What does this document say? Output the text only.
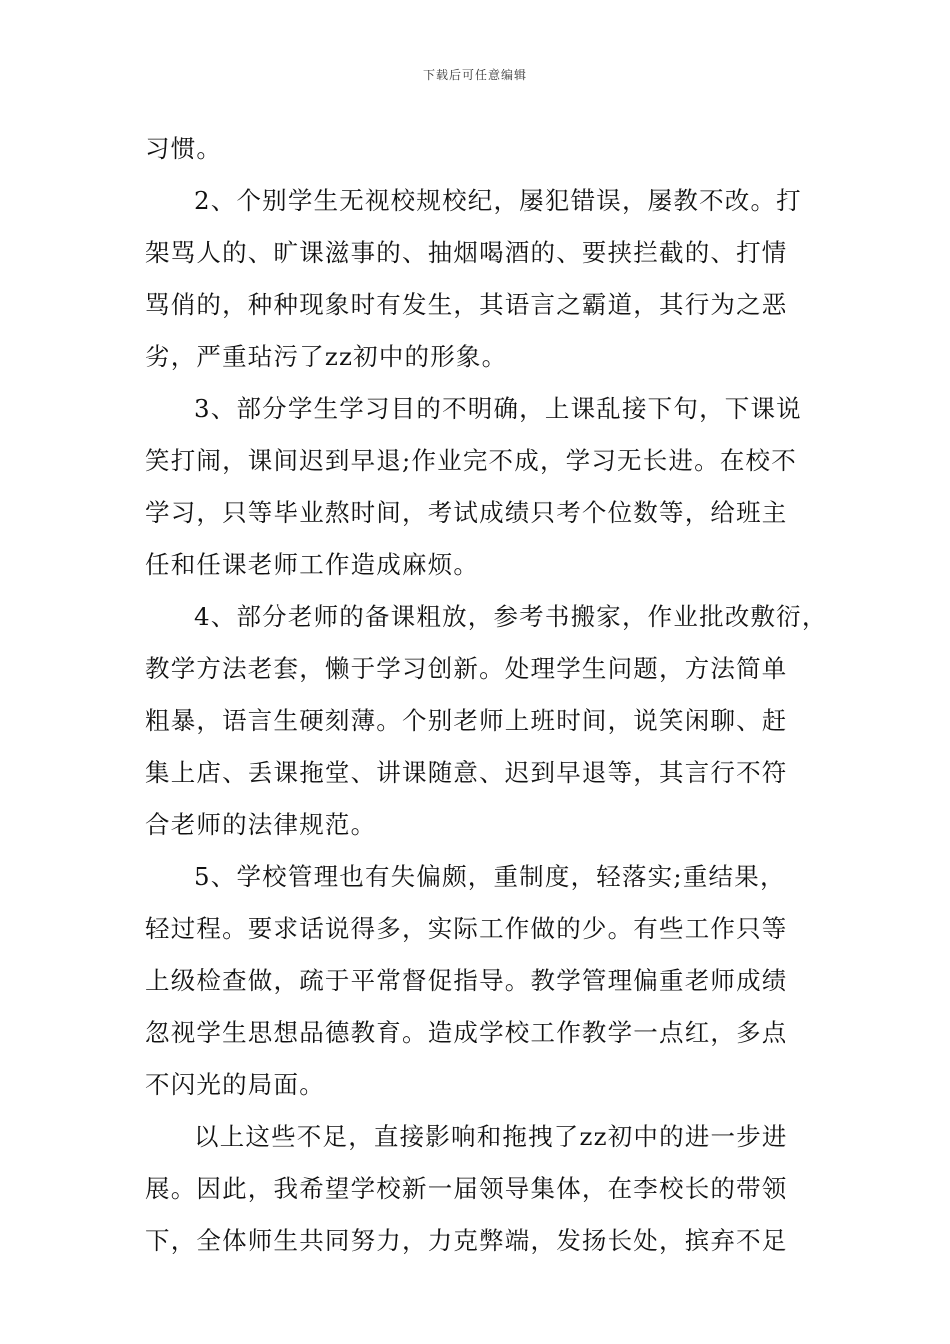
下载后可任意编辑
习惯。
2、个别学生无视校规校纪，屡犯错误，屡教不改。打
架骂人的、旷课滋事的、抽烟喝酒的、要挟拦截的、打情
骂俏的，种种现象时有发生，其语言之霸道，其行为之恶
劣，严重玷污了zz初中的形象。
3、部分学生学习目的不明确，上课乱接下句，下课说
笑打闹，课间迟到早退;作业完不成，学习无长进。在校不
学习，只等毕业熬时间，考试成绩只考个位数等，给班主
任和任课老师工作造成麻烦。
4、部分老师的备课粗放，参考书搬家，作业批改敷衍，
教学方法老套，懒于学习创新。处理学生问题，方法简单
粗暴，语言生硬刻薄。个别老师上班时间，说笑闲聊、赶
集上店、丢课拖堂、讲课随意、迟到早退等，其言行不符
合老师的法律规范。
5、学校管理也有失偏颇，重制度，轻落实;重结果，
轻过程。要求话说得多，实际工作做的少。有些工作只等
上级检查做，疏于平常督促指导。教学管理偏重老师成绩
忽视学生思想品德教育。造成学校工作教学一点红，多点
不闪光的局面。
以上这些不足，直接影响和拖拽了zz初中的进一步进
展。因此，我希望学校新一届领导集体，在李校长的带领
下，全体师生共同努力，力克弊端，发扬长处，摈弃不足
